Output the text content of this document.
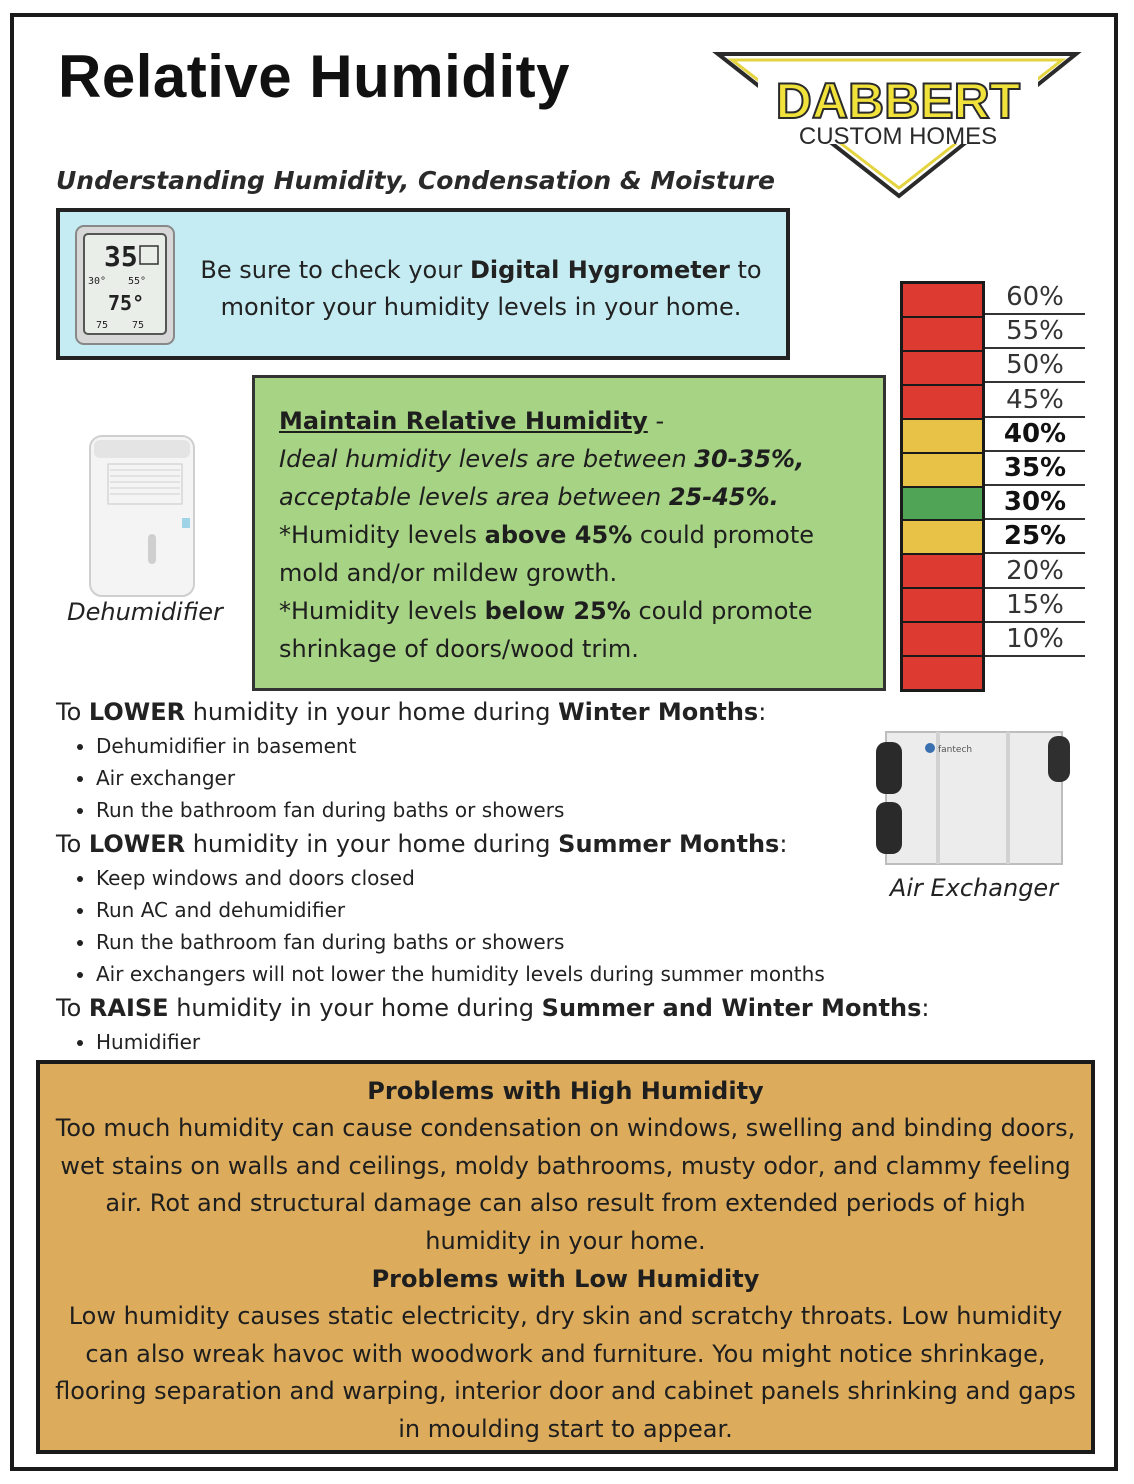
Relative Humidity
Understanding Humidity, Condensation & Moisture
DABBERT
CUSTOM HOMES
35
30° 55°
75°
75 75
Be sure to check your Digital Hygrometer to monitor your humidity levels in your home.
Dehumidifier

Maintain Relative Humidity -

Ideal humidity levels are between 30-35%,
acceptable levels area between 25-45%.

*Humidity levels above 45% could promote mold and/or mildew growth.

*Humidity levels below 25% could promote shrinkage of doors/wood trim.

60%
55%
50%
45%
40%
35%
30%
25%
20%
15%
10%
fantech
Air Exchanger

To LOWER humidity in your home during Winter Months:

• Dehumidifier in basement
• Air exchanger
• Run the bathroom fan during baths or showers

To LOWER humidity in your home during Summer Months:

• Keep windows and doors closed
• Run AC and dehumidifier
• Run the bathroom fan during baths or showers
• Air exchangers will not lower the humidity levels during summer months

To RAISE humidity in your home during Summer and Winter Months:

• Humidifier
Problems with High Humidity

Too much humidity can cause condensation on windows, swelling and binding doors, wet stains on walls and ceilings, moldy bathrooms, musty odor, and clammy feeling air. Rot and structural damage can also result from extended periods of high humidity in your home.

Problems with Low Humidity

Low humidity causes static electricity, dry skin and scratchy throats. Low humidity can also wreak havoc with woodwork and furniture. You might notice shrinkage, flooring separation and warping, interior door and cabinet panels shrinking and gaps in moulding start to appear.
